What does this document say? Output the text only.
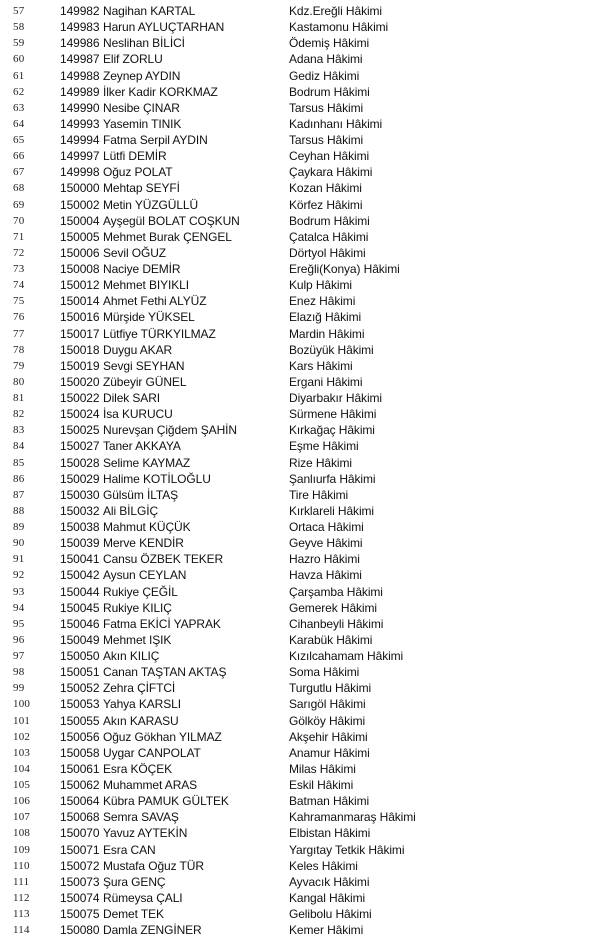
57	149982 Nagihan KARTAL	Kdz.Ereğli Hâkimi
58	149983 Harun AYLUÇTARHAN	Kastamonu Hâkimi
59	149986 Neslihan BİLİCİ	Ödemiş Hâkimi
60	149987 Elif ZORLU	Adana Hâkimi
61	149988 Zeynep AYDIN	Gediz Hâkimi
62	149989 İlker Kadir KORKMAZ	Bodrum Hâkimi
63	149990 Nesibe ÇINAR	Tarsus Hâkimi
64	149993 Yasemin TINIK	Kadınhanı Hâkimi
65	149994 Fatma Serpil AYDIN	Tarsus Hâkimi
66	149997 Lütfi DEMİR	Ceyhan Hâkimi
67	149998 Oğuz POLAT	Çaykara Hâkimi
68	150000 Mehtap SEYFİ	Kozan Hâkimi
69	150002 Metin YÜZGÜLLÜ	Körfez Hâkimi
70	150004 Ayşegül BOLAT COŞKUN	Bodrum Hâkimi
71	150005 Mehmet Burak ÇENGEL	Çatalca Hâkimi
72	150006 Sevil OĞUZ	Dörtyol Hâkimi
73	150008 Naciye DEMİR	Ereğli(Konya) Hâkimi
74	150012 Mehmet BIYIKLI	Kulp Hâkimi
75	150014 Ahmet Fethi ALYÜZ	Enez Hâkimi
76	150016 Mürşide YÜKSEL	Elazığ Hâkimi
77	150017 Lütfiye TÜRKYILMAZ	Mardin Hâkimi
78	150018 Duygu AKAR	Bozüyük Hâkimi
79	150019 Sevgi SEYHAN	Kars Hâkimi
80	150020 Zübeyir GÜNEL	Ergani Hâkimi
81	150022 Dilek SARI	Diyarbakır Hâkimi
82	150024 İsa KURUCU	Sürmene Hâkimi
83	150025 Nurevşan Çiğdem ŞAHİN	Kırkağaç Hâkimi
84	150027 Taner AKKAYA	Eşme Hâkimi
85	150028 Selime KAYMAZ	Rize Hâkimi
86	150029 Halime KOTİLOĞLU	Şanlıurfa Hâkimi
87	150030 Gülsüm İLTAŞ	Tire Hâkimi
88	150032 Ali BİLGİÇ	Kırklareli Hâkimi
89	150038 Mahmut KÜÇÜK	Ortaca Hâkimi
90	150039 Merve KENDİR	Geyve Hâkimi
91	150041 Cansu ÖZBEK TEKER	Hazro Hâkimi
92	150042 Aysun CEYLAN	Havza Hâkimi
93	150044 Rukiye ÇEĞİL	Çarşamba Hâkimi
94	150045 Rukiye KILIÇ	Gemerek Hâkimi
95	150046 Fatma EKİCİ YAPRAK	Cihanbeyli Hâkimi
96	150049 Mehmet IŞIK	Karabük Hâkimi
97	150050 Akın KILIÇ	Kızılcahamam Hâkimi
98	150051 Canan TAŞTAN AKTAŞ	Soma Hâkimi
99	150052 Zehra ÇİFTCİ	Turgutlu Hâkimi
100	150053 Yahya KARSLI	Sarıgöl Hâkimi
101	150055 Akın KARASU	Gölköy Hâkimi
102	150056 Oğuz Gökhan YILMAZ	Akşehir Hâkimi
103	150058 Uygar CANPOLAT	Anamur Hâkimi
104	150061 Esra KÖÇEK	Milas Hâkimi
105	150062 Muhammet ARAS	Eskil Hâkimi
106	150064 Kübra PAMUK GÜLTEK	Batman Hâkimi
107	150068 Semra SAVAŞ	Kahramanmaraş Hâkimi
108	150070 Yavuz AYTEKİN	Elbistan Hâkimi
109	150071 Esra CAN	Yargıtay Tetkik Hâkimi
110	150072 Mustafa Oğuz TÜR	Keles Hâkimi
111	150073 Şura GENÇ	Ayvacık Hâkimi
112	150074 Rümeysa ÇALI	Kangal Hâkimi
113	150075 Demet TEK	Gelibolu Hâkimi
114	150080 Damla ZENGİNER	Kemer Hâkimi
